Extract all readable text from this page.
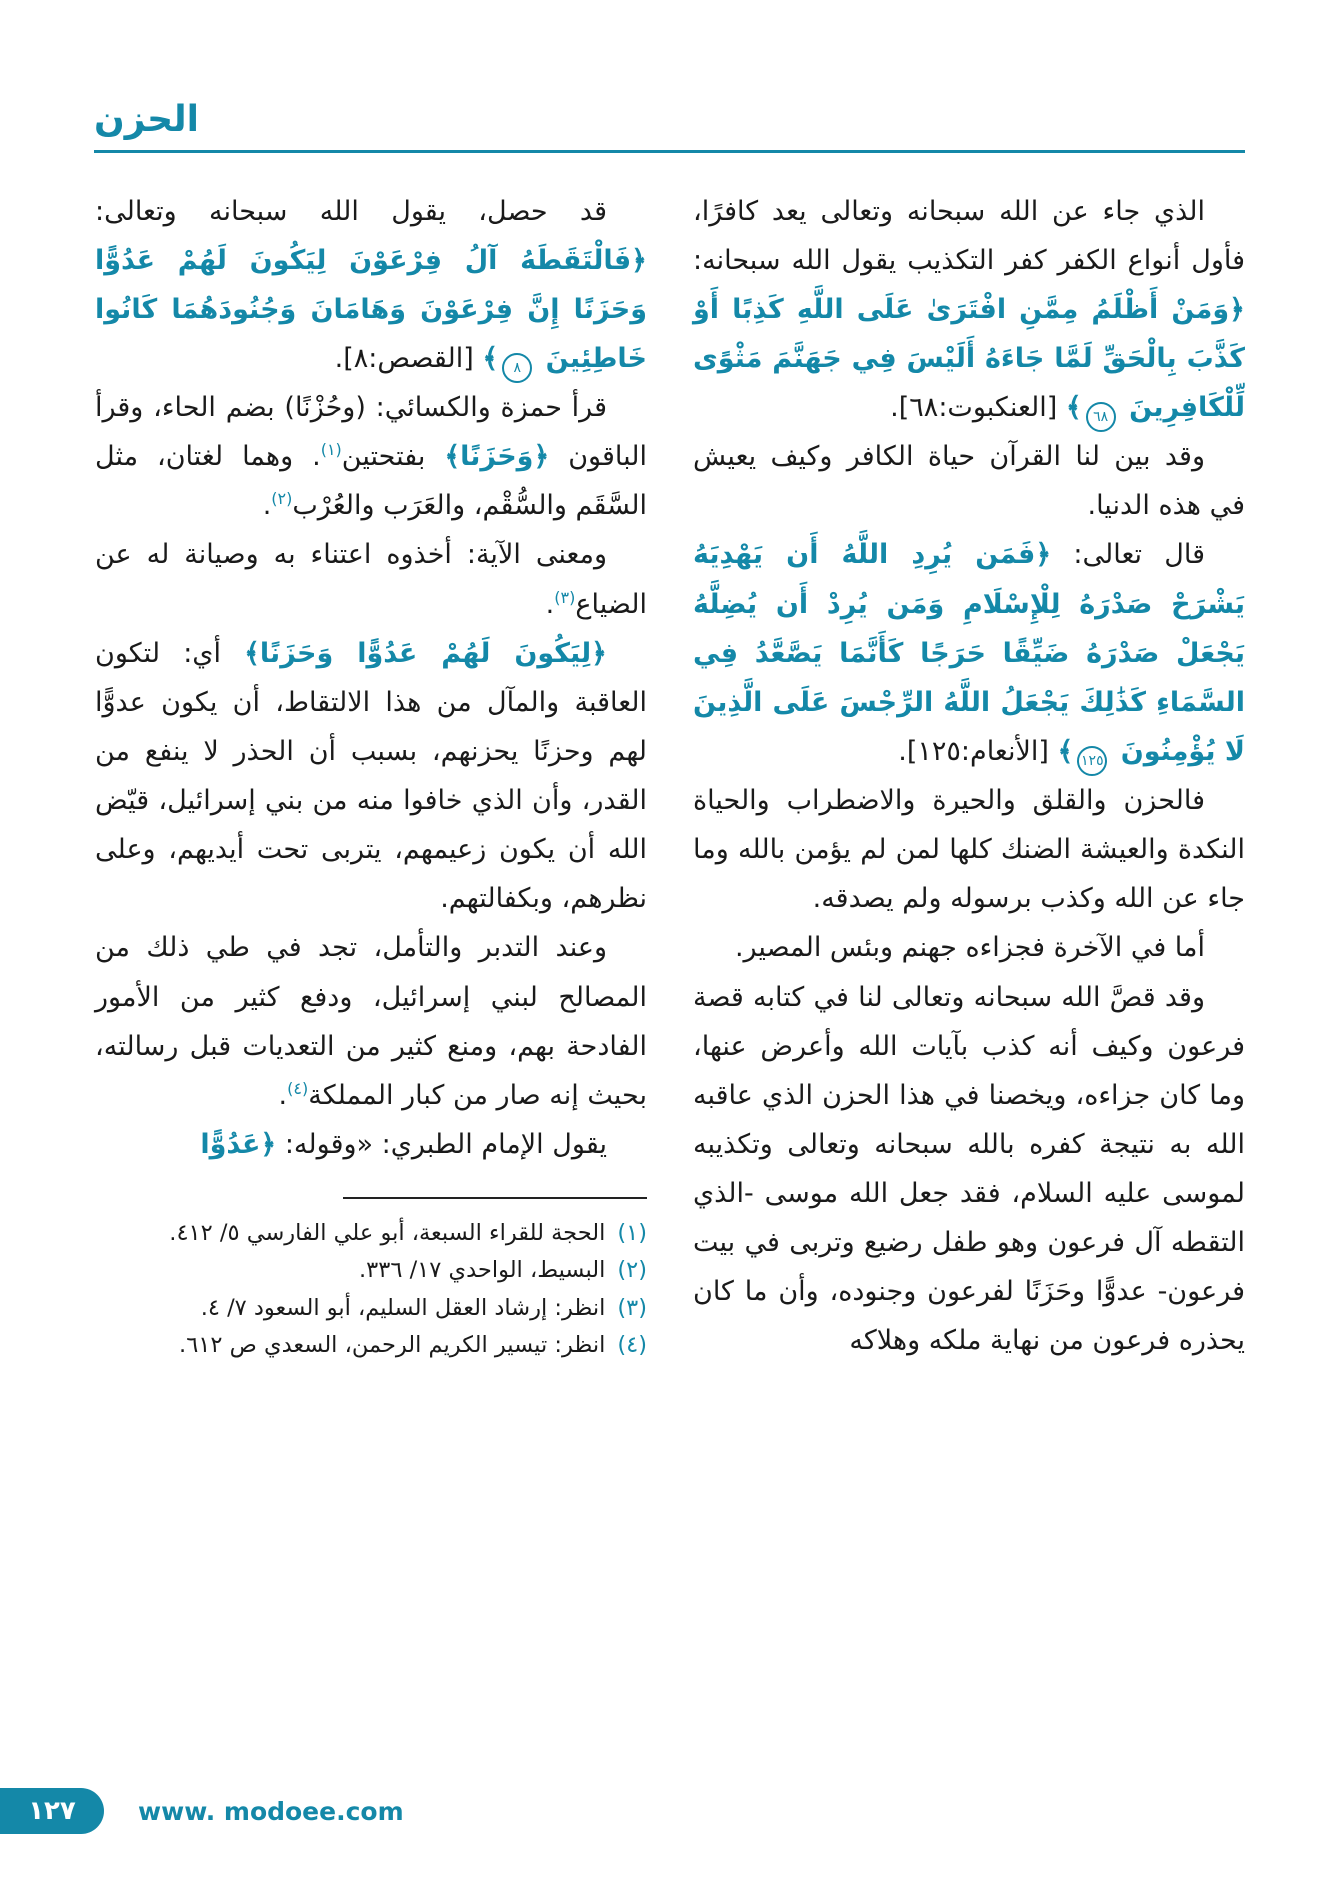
الحزن

الذي جاء عن الله سبحانه وتعالى يعد كافرًا، فأول أنواع الكفر كفر التكذيب يقول الله سبحانه: ﴿وَمَنْ أَظْلَمُ مِمَّنِ افْتَرَىٰ عَلَى اللَّهِ كَذِبًا أَوْ كَذَّبَ بِالْحَقِّ لَمَّا جَاءَهُ أَلَيْسَ فِي جَهَنَّمَ مَثْوًى لِّلْكَافِرِينَ ٦٨﴾ [العنكبوت:٦٨].

وقد بين لنا القرآن حياة الكافر وكيف يعيش في هذه الدنيا.

قال تعالى: ﴿فَمَن يُرِدِ اللَّهُ أَن يَهْدِيَهُ يَشْرَحْ صَدْرَهُ لِلْإِسْلَامِ وَمَن يُرِدْ أَن يُضِلَّهُ يَجْعَلْ صَدْرَهُ ضَيِّقًا حَرَجًا كَأَنَّمَا يَصَّعَّدُ فِي السَّمَاءِ كَذَٰلِكَ يَجْعَلُ اللَّهُ الرِّجْسَ عَلَى الَّذِينَ لَا يُؤْمِنُونَ ١٢٥﴾ [الأنعام:١٢٥].

فالحزن والقلق والحيرة والاضطراب والحياة النكدة والعيشة الضنك كلها لمن لم يؤمن بالله وما جاء عن الله وكذب برسوله ولم يصدقه.

أما في الآخرة فجزاءه جهنم وبئس المصير.

وقد قصَّ الله سبحانه وتعالى لنا في كتابه قصة فرعون وكيف أنه كذب بآيات الله وأعرض عنها، وما كان جزاءه، ويخصنا في هذا الحزن الذي عاقبه الله به نتيجة كفره بالله سبحانه وتعالى وتكذيبه لموسى عليه السلام، فقد جعل الله موسى -الذي التقطه آل فرعون وهو طفل رضيع وتربى في بيت فرعون- عدوًّا وحَزَنًا لفرعون وجنوده، وأن ما كان يحذره فرعون من نهاية ملكه وهلاكه

قد حصل، يقول الله سبحانه وتعالى: ﴿فَالْتَقَطَهُ آلُ فِرْعَوْنَ لِيَكُونَ لَهُمْ عَدُوًّا وَحَزَنًا إِنَّ فِرْعَوْنَ وَهَامَانَ وَجُنُودَهُمَا كَانُوا خَاطِئِينَ ٨﴾ [القصص:٨].

قرأ حمزة والكسائي: (وحُزْنًا) بضم الحاء، وقرأ الباقون ﴿وَحَزَنًا﴾ بفتحتين$^{(١)}$. وهما لغتان، مثل السَّقَم والسُّقْم، والعَرَب والعُرْب$^{(٢)}$.

ومعنى الآية: أخذوه اعتناء به وصيانة له عن الضياع$^{(٣)}$.

﴿لِيَكُونَ لَهُمْ عَدُوًّا وَحَزَنًا﴾ أي: لتكون العاقبة والمآل من هذا الالتقاط، أن يكون عدوًّا لهم وحزنًا يحزنهم، بسبب أن الحذر لا ينفع من القدر، وأن الذي خافوا منه من بني إسرائيل، قيّض الله أن يكون زعيمهم، يتربى تحت أيديهم، وعلى نظرهم، وبكفالتهم.

وعند التدبر والتأمل، تجد في طي ذلك من المصالح لبني إسرائيل، ودفع كثير من الأمور الفادحة بهم، ومنع كثير من التعديات قبل رسالته، بحيث إنه صار من كبار المملكة$^{(٤)}$.

يقول الإمام الطبري: «وقوله: ﴿عَدُوًّا

(١)
الحجة للقراء السبعة، أبو علي الفارسي ٥/ ٤١٢.
(٢)
البسيط، الواحدي ١٧/ ٣٣٦.
(٣)
انظر: إرشاد العقل السليم، أبو السعود ٧/ ٤.
(٤)
انظر: تيسير الكريم الرحمن، السعدي ص ٦١٢.
١٢٧ www. modoee.com
